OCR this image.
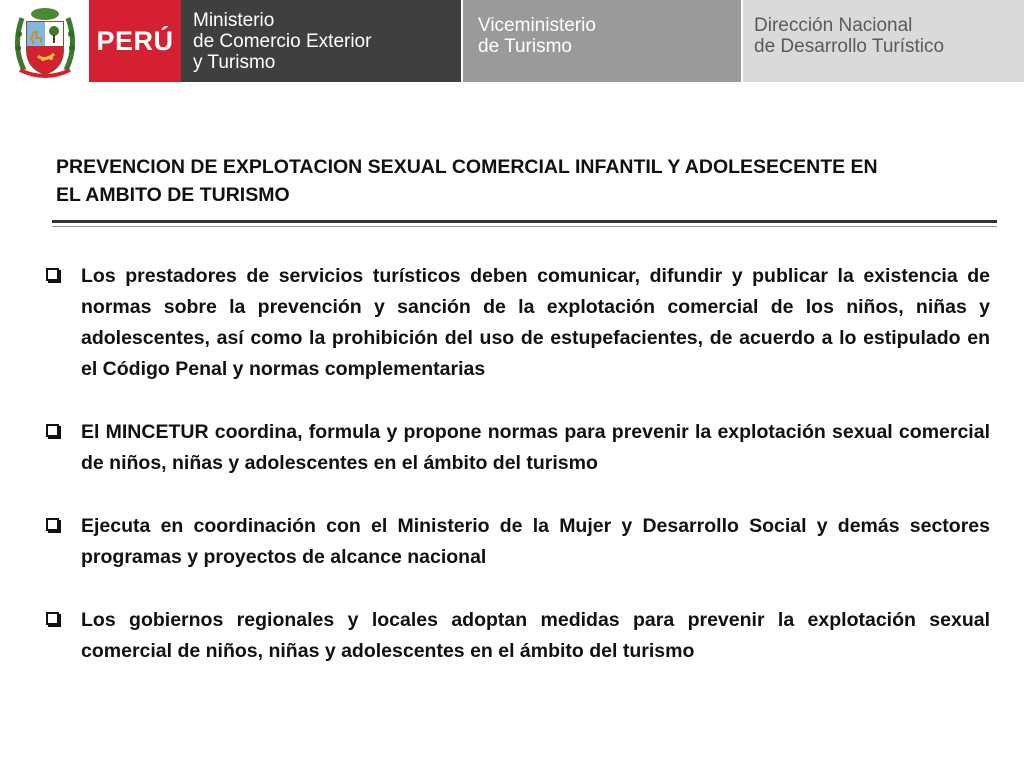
PERÚ
Ministerio
de Comercio Exterior
y Turismo
Viceministerio
de Turismo
Dirección Nacional
de Desarrollo Turístico
PREVENCION DE EXPLOTACION SEXUAL COMERCIAL INFANTIL Y ADOLESECENTE EN
EL AMBITO DE TURISMO
Los prestadores de servicios turísticos deben comunicar, difundir y publicar la existencia de normas sobre la prevención y sanción de la explotación comercial de los niños, niñas y adolescentes, así como la prohibición del uso de estupefacientes, de acuerdo a lo estipulado en el Código Penal y normas complementarias
El MINCETUR coordina, formula y propone normas para prevenir la explotación sexual comercial de niños, niñas y adolescentes en el ámbito del turismo
Ejecuta en coordinación con el Ministerio de la Mujer y Desarrollo Social y demás sectores programas y proyectos de alcance nacional
Los gobiernos regionales y locales adoptan medidas para prevenir la explotación sexual comercial de niños, niñas y adolescentes en el ámbito del turismo
